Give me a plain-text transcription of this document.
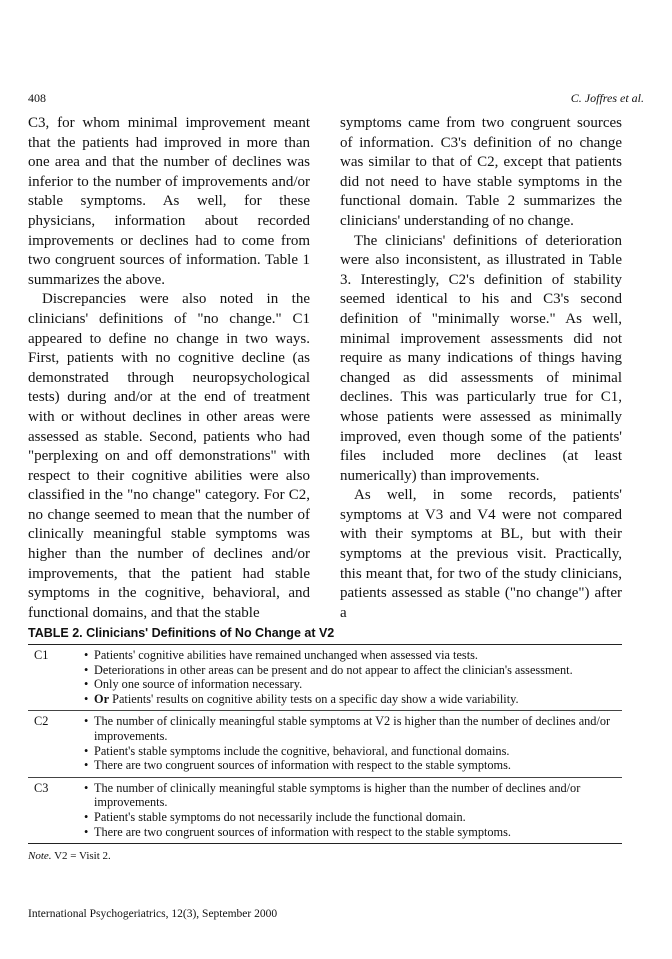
408	C. Joffres et al.

C3, for whom minimal improvement meant that the patients had improved in more than one area and that the number of declines was inferior to the number of improvements and/or stable symptoms. As well, for these physicians, information about recorded improvements or declines had to come from two congruent sources of information. Table 1 summarizes the above.

Discrepancies were also noted in the clinicians' definitions of "no change." C1 appeared to define no change in two ways. First, patients with no cognitive decline (as demonstrated through neuropsychological tests) during and/or at the end of treatment with or without declines in other areas were assessed as stable. Second, patients who had "perplexing on and off demonstrations" with respect to their cognitive abilities were also classified in the "no change" category. For C2, no change seemed to mean that the number of clinically meaningful stable symptoms was higher than the number of declines and/or improvements, that the patient had stable symptoms in the cognitive, behavioral, and functional domains, and that the stable

symptoms came from two congruent sources of information. C3's definition of no change was similar to that of C2, except that patients did not need to have stable symptoms in the functional domain. Table 2 summarizes the clinicians' understanding of no change.

The clinicians' definitions of deterioration were also inconsistent, as illustrated in Table 3. Interestingly, C2's definition of stability seemed identical to his and C3's second definition of "minimally worse." As well, minimal improvement assessments did not require as many indications of things having changed as did assessments of minimal declines. This was particularly true for C1, whose patients were assessed as minimally improved, even though some of the patients' files included more declines (at least numerically) than improvements.

As well, in some records, patients' symptoms at V3 and V4 were not compared with their symptoms at BL, but with their symptoms at the previous visit. Practically, this meant that, for two of the study clinicians, patients assessed as stable ("no change") after a

TABLE 2. Clinicians' Definitions of No Change at V2
C1	• Patients' cognitive abilities have remained unchanged when assessed via tests.
• Deteriorations in other areas can be present and do not appear to affect the clinician's assessment.
• Only one source of information necessary.
• Or Patients' results on cognitive ability tests on a specific day show a wide variability.
C2	• The number of clinically meaningful stable symptoms at V2 is higher than the number of declines and/or improvements.
• Patient's stable symptoms include the cognitive, behavioral, and functional domains.
• There are two congruent sources of information with respect to the stable symptoms.
C3	• The number of clinically meaningful stable symptoms is higher than the number of declines and/or improvements.
• Patient's stable symptoms do not necessarily include the functional domain.
• There are two congruent sources of information with respect to the stable symptoms.
Note. V2 = Visit 2.
International Psychogeriatrics, 12(3), September 2000
